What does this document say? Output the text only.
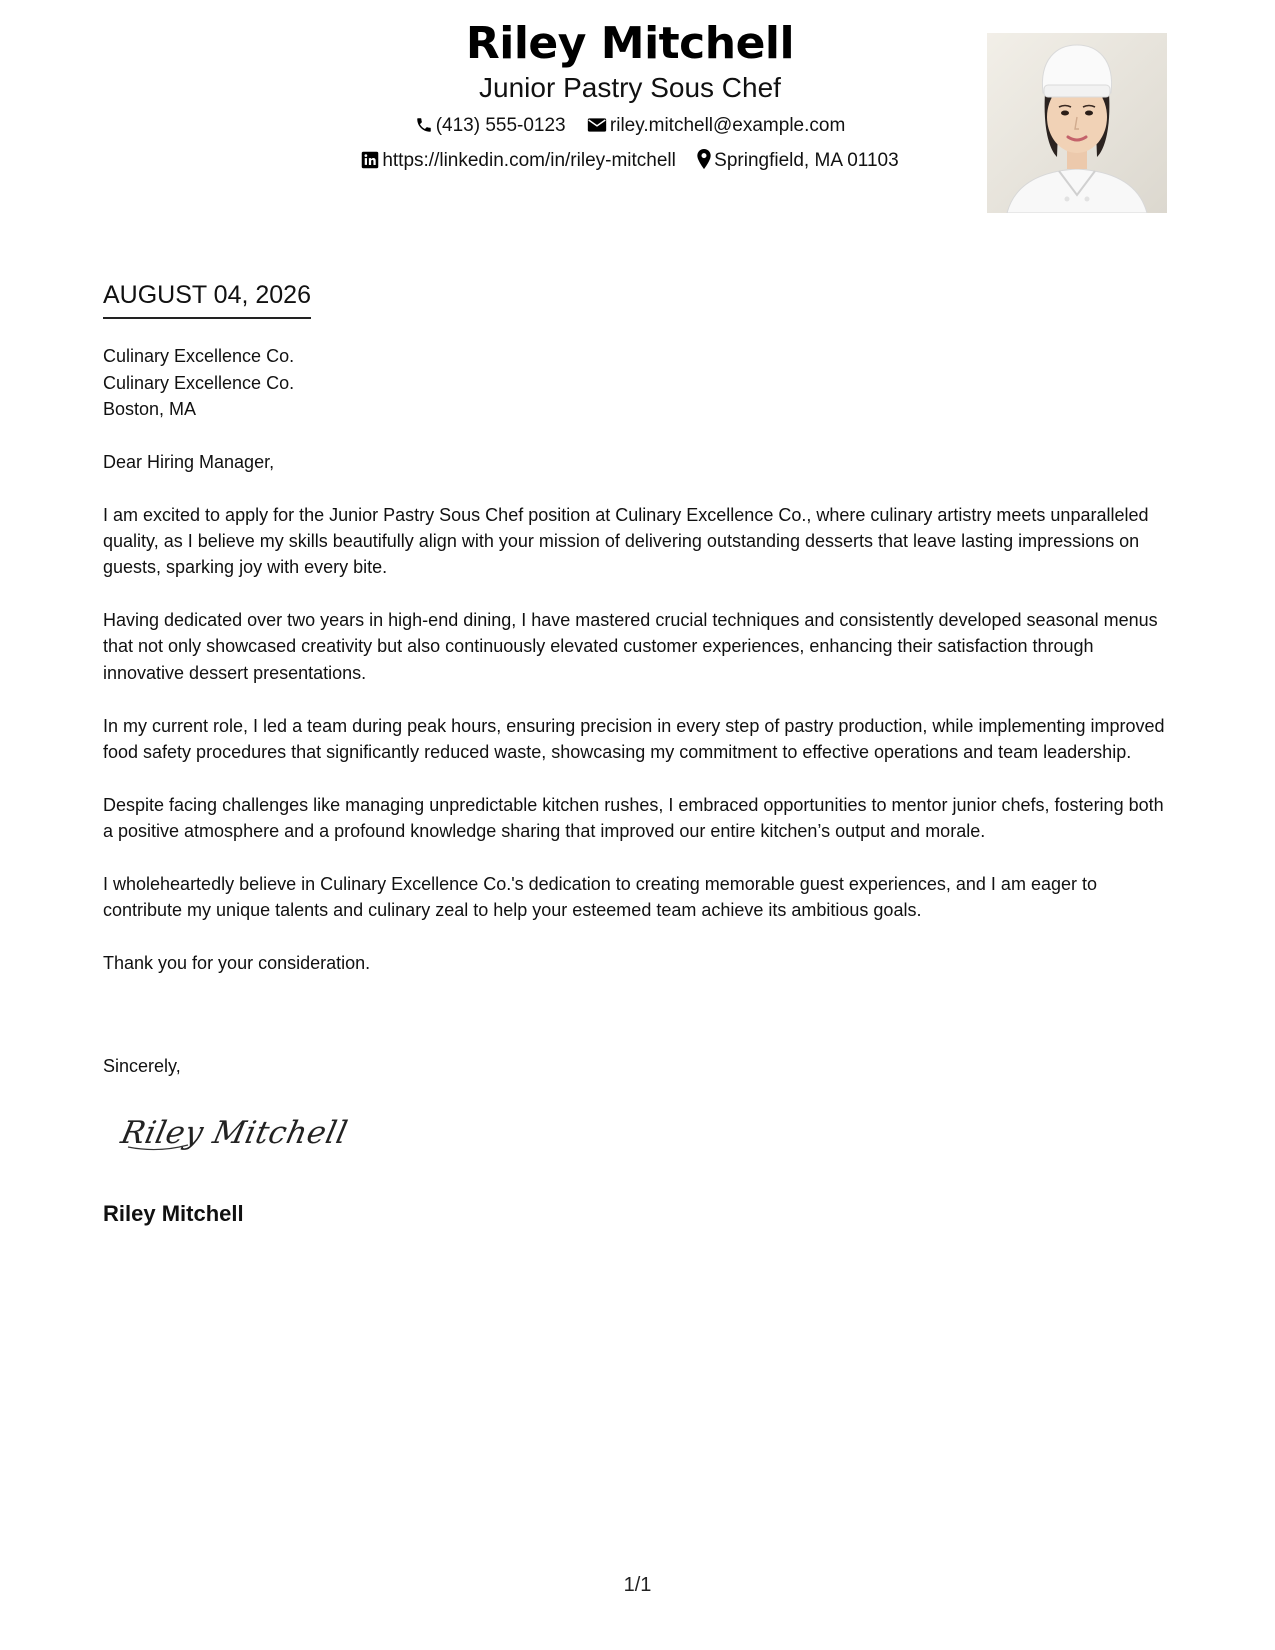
Riley Mitchell
Junior Pastry Sous Chef
(413) 555-0123 riley.mitchell@example.com
https://linkedin.com/in/riley-mitchell Springfield, MA 01103
AUGUST 04, 2026
Culinary Excellence Co.
Culinary Excellence Co.
Boston, MA

Dear Hiring Manager,

I am excited to apply for the Junior Pastry Sous Chef position at Culinary Excellence Co., where culinary artistry meets unparalleled quality, as I believe my skills beautifully align with your mission of delivering outstanding desserts that leave lasting impressions on guests, sparking joy with every bite.

Having dedicated over two years in high-end dining, I have mastered crucial techniques and consistently developed seasonal menus that not only showcased creativity but also continuously elevated customer experiences, enhancing their satisfaction through innovative dessert presentations.

In my current role, I led a team during peak hours, ensuring precision in every step of pastry production, while implementing improved food safety procedures that significantly reduced waste, showcasing my commitment to effective operations and team leadership.

Despite facing challenges like managing unpredictable kitchen rushes, I embraced opportunities to mentor junior chefs, fostering both a positive atmosphere and a profound knowledge sharing that improved our entire kitchen’s output and morale.

I wholeheartedly believe in Culinary Excellence Co.'s dedication to creating memorable guest experiences, and I am eager to contribute my unique talents and culinary zeal to help your esteemed team achieve its ambitious goals.

Thank you for your consideration.

Sincerely,
Riley Mitchell
Riley Mitchell
1/1
